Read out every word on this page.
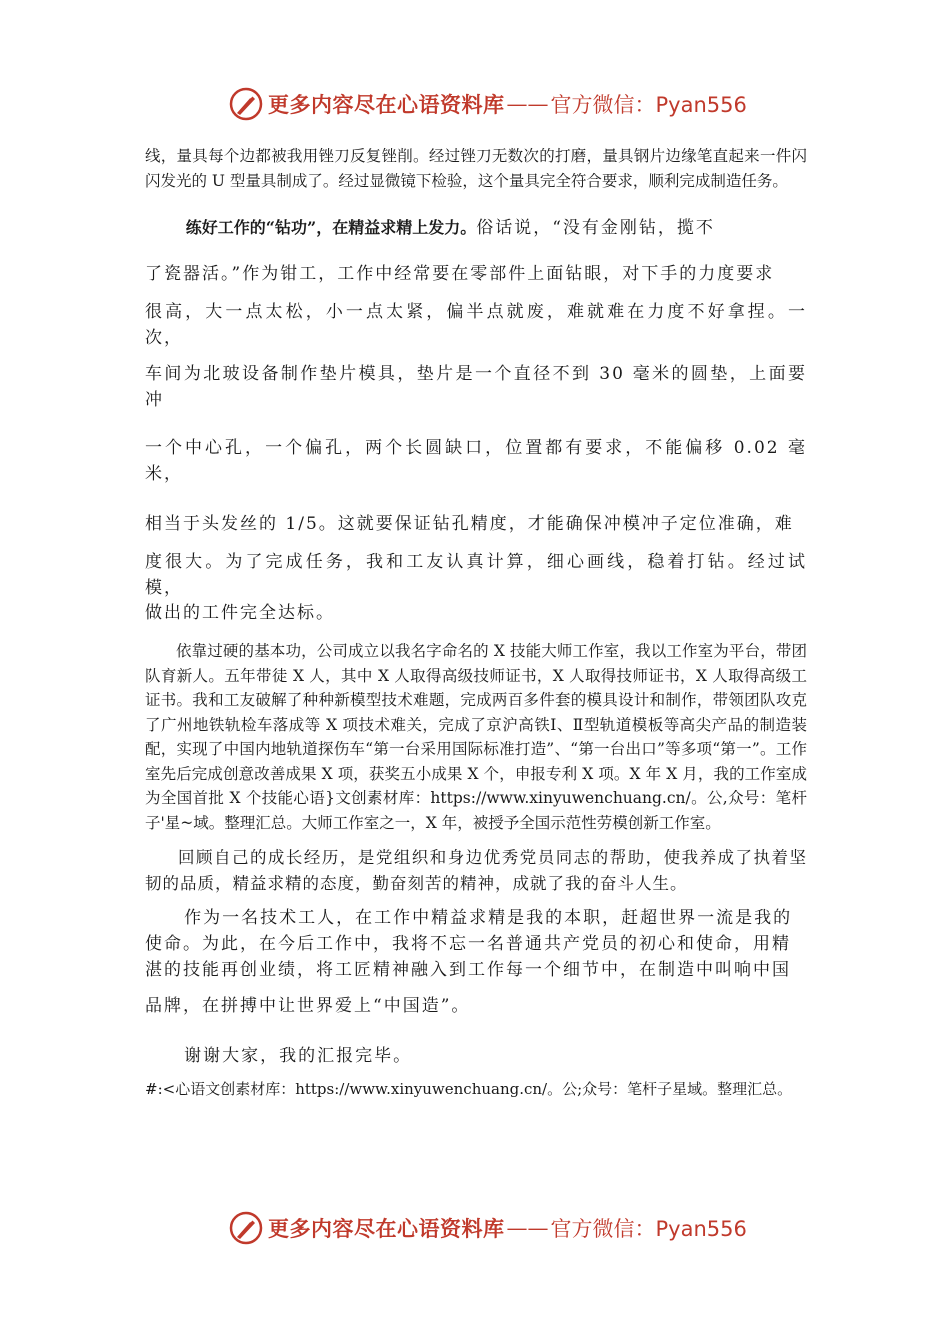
更多内容尽在心语资料库 —— 官方微信：Pyan556

线，量具每个边都被我用锉刀反复锉削。经过锉刀无数次的打磨，量具钢片边缘笔直起来一件闪闪发光的 U 型量具制成了。经过显微镜下检验，这个量具完全符合要求，顺利完成制造任务。

练好工作的“钻功”，在精益求精上发力。俗话说，“没有金刚钻，揽不
了瓷器活。”作为钳工，工作中经常要在零部件上面钻眼，对下手的力度要求
很高，大一点太松，小一点太紧，偏半点就废，难就难在力度不好拿捏。一次，
车间为北玻设备制作垫片模具，垫片是一个直径不到 30 毫米的圆垫，上面要冲
一个中心孔，一个偏孔，两个长圆缺口，位置都有要求，不能偏移 0.02 毫米，
相当于头发丝的 1/5。这就要保证钻孔精度，才能确保冲模冲子定位准确，难
度很大。为了完成任务，我和工友认真计算，细心画线，稳着打钻。经过试模，
做出的工件完全达标。

依靠过硬的基本功，公司成立以我名字命名的 X 技能大师工作室，我以工作室为平台，带团队育新人。五年带徒 X 人，其中 X 人取得高级技师证书，X 人取得技师证书，X 人取得高级工证书。我和工友破解了种种新模型技术难题，完成两百多件套的模具设计和制作，带领团队攻克了广州地铁轨检车落成等 X 项技术难关，完成了京沪高铁Ⅰ、Ⅱ型轨道模板等高尖产品的制造装配，实现了中国内地轨道探伤车“第一台采用国际标准打造”、“第一台出口”等多项“第一”。工作室先后完成创意改善成果 X 项，获奖五小成果 X 个，申报专利 X 项。X 年 X 月，我的工作室成为全国首批 X 个技能心语}文创素材库：https://www.xinyuwenchuang.cn/。公,众号：笔杆子'星~域。整理汇总。大师工作室之一，X 年，被授予全国示范性劳模创新工作室。

回顾自己的成长经历，是党组织和身边优秀党员同志的帮助，使我养成了执着坚韧的品质，精益求精的态度，勤奋刻苦的精神，成就了我的奋斗人生。

作为一名技术工人，在工作中精益求精是我的本职，赶超世界一流是我的
使命。为此，在今后工作中，我将不忘一名普通共产党员的初心和使命，用精
湛的技能再创业绩，将工匠精神融入到工作每一个细节中，在制造中叫响中国
品牌，在拼搏中让世界爱上“中国造”。
谢谢大家，我的汇报完毕。

#:<心语文创素材库：https://www.xinyuwenchuang.cn/。公;众号：笔杆子星域。整理汇总。

更多内容尽在心语资料库 —— 官方微信：Pyan556
